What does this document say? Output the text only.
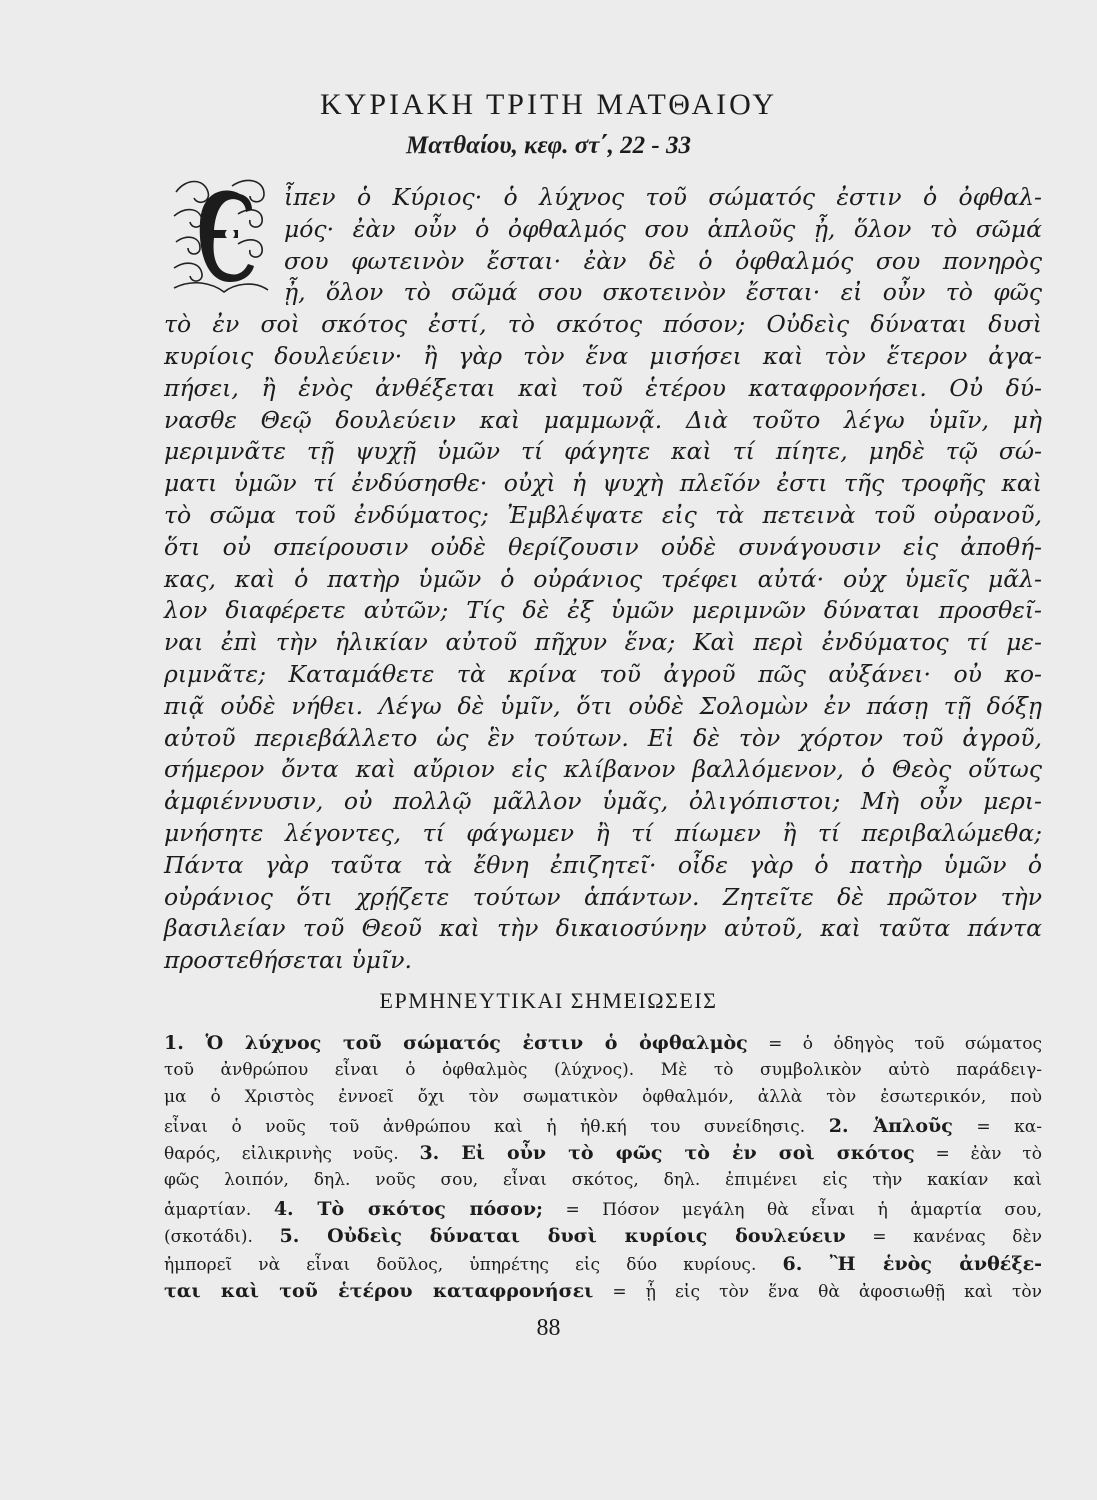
ΚΥΡΙΑΚΗ ΤΡΙΤΗ ΜΑΤΘΑΙΟΥ
Ματθαίου, κεφ. στ΄, 22 - 33
ἶπεν ὁ Κύριος· ὁ λύχνος τοῦ σώματός ἐστιν ὁ ὀφθαλ-
μός· ἐὰν οὖν ὁ ὀφθαλμός σου ἁπλοῦς ᾖ, ὅλον τὸ σῶμά
σου φωτεινὸν ἔσται· ἐὰν δὲ ὁ ὀφθαλμός σου πονηρὸς
ᾖ, ὅλον τὸ σῶμά σου σκοτεινὸν ἔσται· εἰ οὖν τὸ φῶς
τὸ ἐν σοὶ σκότος ἐστί, τὸ σκότος πόσον; Οὐδεὶς δύναται δυσὶ
κυρίοις δουλεύειν· ἢ γὰρ τὸν ἕνα μισήσει καὶ τὸν ἕτερον ἀγα-
πήσει, ἢ ἑνὸς ἀνθέξεται καὶ τοῦ ἑτέρου καταφρονήσει. Οὐ δύ-
νασθε Θεῷ δουλεύειν καὶ μαμμωνᾷ. Διὰ τοῦτο λέγω ὑμῖν, μὴ
μεριμνᾶτε τῇ ψυχῇ ὑμῶν τί φάγητε καὶ τί πίητε, μηδὲ τῷ σώ-
ματι ὑμῶν τί ἐνδύσησθε· οὐχὶ ἡ ψυχὴ πλεῖόν ἐστι τῆς τροφῆς καὶ
τὸ σῶμα τοῦ ἐνδύματος; Ἐμβλέψατε εἰς τὰ πετεινὰ τοῦ οὐρανοῦ,
ὅτι οὐ σπείρουσιν οὐδὲ θερίζουσιν οὐδὲ συνάγουσιν εἰς ἀποθή-
κας, καὶ ὁ πατὴρ ὑμῶν ὁ οὐράνιος τρέφει αὐτά· οὐχ ὑμεῖς μᾶλ-
λον διαφέρετε αὐτῶν; Τίς δὲ ἐξ ὑμῶν μεριμνῶν δύναται προσθεῖ-
ναι ἐπὶ τὴν ἡλικίαν αὐτοῦ πῆχυν ἕνα; Καὶ περὶ ἐνδύματος τί με-
ριμνᾶτε; Καταμάθετε τὰ κρίνα τοῦ ἀγροῦ πῶς αὐξάνει· οὐ κο-
πιᾷ οὐδὲ νήθει. Λέγω δὲ ὑμῖν, ὅτι οὐδὲ Σολομὼν ἐν πάσῃ τῇ δόξῃ
αὐτοῦ περιεβάλλετο ὡς ἓν τούτων. Εἰ δὲ τὸν χόρτον τοῦ ἀγροῦ,
σήμερον ὄντα καὶ αὔριον εἰς κλίβανον βαλλόμενον, ὁ Θεὸς οὕτως
ἀμφιέννυσιν, οὐ πολλῷ μᾶλλον ὑμᾶς, ὀλιγόπιστοι; Μὴ οὖν μερι-
μνήσητε λέγοντες, τί φάγωμεν ἢ τί πίωμεν ἢ τί περιβαλώμεθα;
Πάντα γὰρ ταῦτα τὰ ἔθνη ἐπιζητεῖ· οἶδε γὰρ ὁ πατὴρ ὑμῶν ὁ
οὐράνιος ὅτι χρῄζετε τούτων ἁπάντων. Ζητεῖτε δὲ πρῶτον τὴν
βασιλείαν τοῦ Θεοῦ καὶ τὴν δικαιοσύνην αὐτοῦ, καὶ ταῦτα πάντα
προστεθήσεται ὑμῖν.
ΕΡΜΗΝΕΥΤΙΚΑΙ ΣΗΜΕΙΩΣΕΙΣ
1. Ὁ λύχνος τοῦ σώματός ἐστιν ὁ ὀφθαλμὸς = ὁ ὁδηγὸς τοῦ σώματος
τοῦ ἀνθρώπου εἶναι ὁ ὀφθαλμὸς (λύχνος). Μὲ τὸ συμβολικὸν αὐτὸ παράδειγ-
μα ὁ Χριστὸς ἐννοεῖ ὄχι τὸν σωματικὸν ὀφθαλμόν, ἀλλὰ τὸν ἐσωτερικόν, ποὺ
εἶναι ὁ νοῦς τοῦ ἀνθρώπου καὶ ἡ ἠθ.κή του συνείδησις. 2. Ἁπλοῦς = κα-
θαρός, εἰλικρινὴς νοῦς. 3. Εἰ οὖν τὸ φῶς τὸ ἐν σοὶ σκότος = ἐὰν τὸ
φῶς λοιπόν, δηλ. νοῦς σου, εἶναι σκότος, δηλ. ἐπιμένει εἰς τὴν κακίαν καὶ
ἁμαρτίαν. 4. Τὸ σκότος πόσον; = Πόσον μεγάλη θὰ εἶναι ἡ ἁμαρτία σου,
(σκοτάδι). 5. Οὐδεὶς δύναται δυσὶ κυρίοις δουλεύειν = κανένας δὲν
ἠμπορεῖ νὰ εἶναι δοῦλος, ὑπηρέτης εἰς δύο κυρίους. 6. Ἢ ἑνὸς ἀνθέξε-
ται καὶ τοῦ ἑτέρου καταφρονήσει = ᾗ εἰς τὸν ἕνα θὰ ἀφοσιωθῇ καὶ τὸν
88
